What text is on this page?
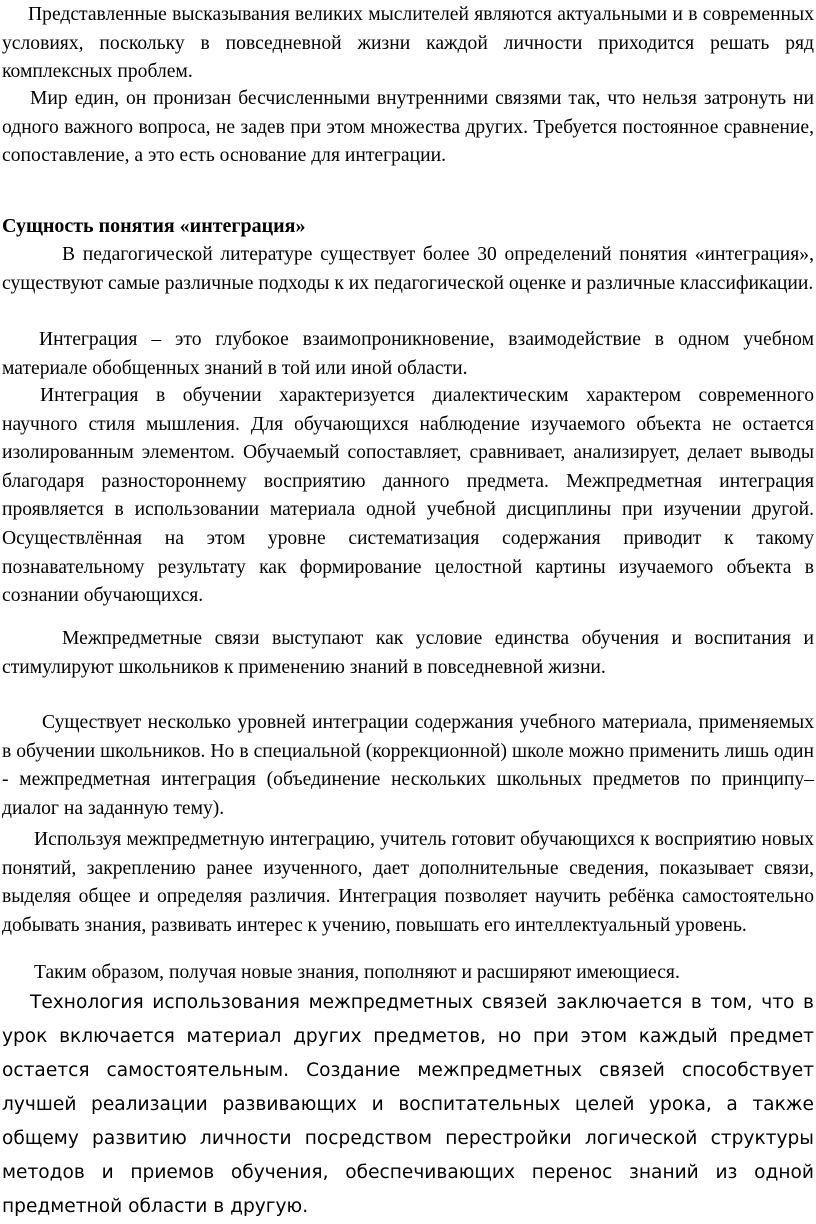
Представленные высказывания великих мыслителей являются актуальными и в современных условиях, поскольку в повседневной жизни каждой личности приходится решать ряд комплексных проблем.

Мир един, он пронизан бесчисленными внутренними связями так, что нельзя затронуть ни одного важного вопроса, не задев при этом множества других. Требуется постоянное сравнение, сопоставление, а это есть основание для интеграции.

Сущность понятия «интеграция»

В педагогической литературе существует более 30 определений понятия «интеграция», существуют самые различные подходы к их педагогической оценке и различные классификации.

Интеграция – это глубокое взаимопроникновение, взаимодействие в одном учебном материале обобщенных знаний в той или иной области.

Интеграция в обучении характеризуется диалектическим характером современного научного стиля мышления. Для обучающихся наблюдение изучаемого объекта не остается изолированным элементом. Обучаемый сопоставляет, сравнивает, анализирует, делает выводы благодаря разностороннему восприятию данного предмета. Межпредметная интеграция проявляется в использовании материала одной учебной дисциплины при изучении другой. Осуществлённая на этом уровне систематизация содержания приводит к такому познавательному результату как формирование целостной картины изучаемого объекта в сознании обучающихся.

Межпредметные связи выступают как условие единства обучения и воспитания и стимулируют школьников к применению знаний в повседневной жизни.

Существует несколько уровней интеграции содержания учебного материала, применяемых в обучении школьников. Но в специальной (коррекционной) школе можно применить лишь один - межпредметная интеграция (объединение нескольких школьных предметов по принципу–диалог на заданную тему).

Используя межпредметную интеграцию, учитель готовит обучающихся к восприятию новых понятий, закреплению ранее изученного, дает дополнительные сведения, показывает связи, выделяя общее и определяя различия. Интеграция позволяет научить ребёнка самостоятельно добывать знания, развивать интерес к учению, повышать его интеллектуальный уровень.

Таким образом, получая новые знания, пополняют и расширяют имеющиеся.

Технология использования межпредметных связей заключается в том, что в урок включается материал других предметов, но при этом каждый предмет остается самостоятельным. Создание межпредметных связей способствует лучшей реализации развивающих и воспитательных целей урока, а также общему развитию личности посредством перестройки логической структуры методов и приемов обучения, обеспечивающих перенос знаний из одной предметной области в другую.
